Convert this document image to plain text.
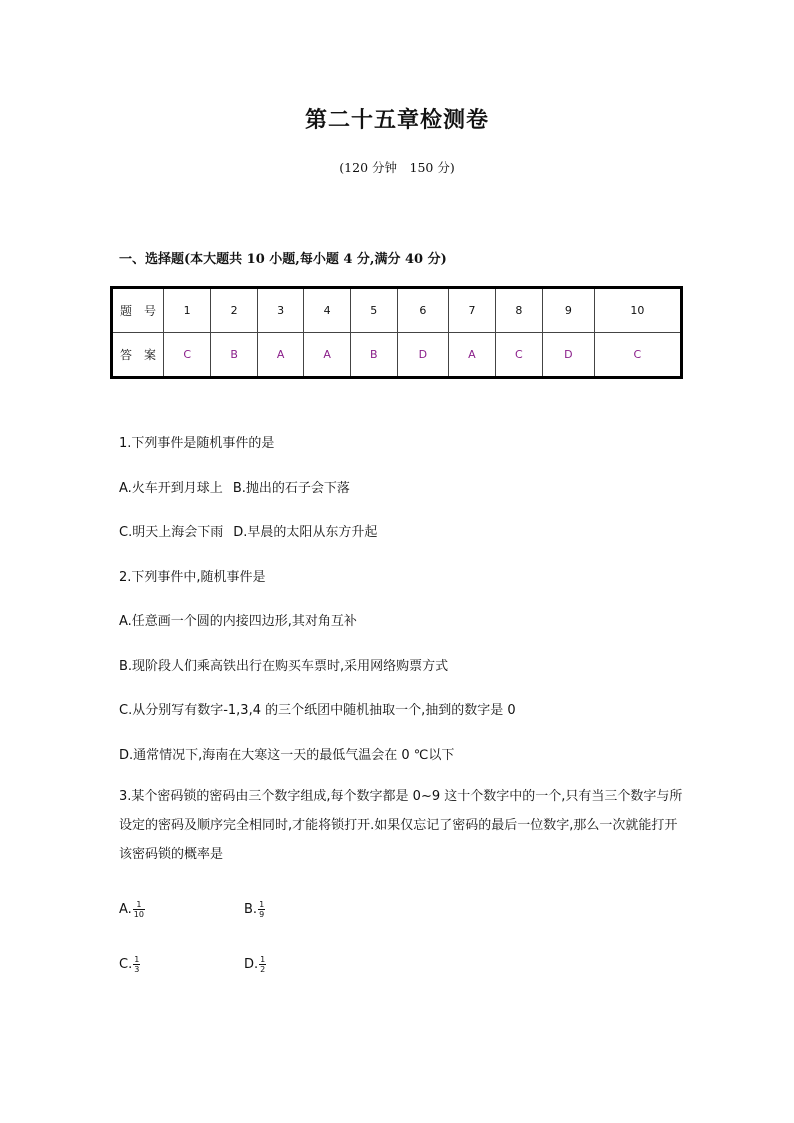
第二十五章检测卷
(120 分钟　150 分)
一、选择题(本大题共 10 小题,每小题 4 分,满分 40 分)
题　号	1	2	3	4	5	6	7	8	9	10
答　案	C	B	A	A	B	D	A	C	D	C
1.下列事件是随机事件的是
A.火车开到月球上 B.抛出的石子会下落
C.明天上海会下雨 D.早晨的太阳从东方升起
2.下列事件中,随机事件是
A.任意画一个圆的内接四边形,其对角互补
B.现阶段人们乘高铁出行在购买车票时,采用网络购票方式
C.从分别写有数字-1,3,4 的三个纸团中随机抽取一个,抽到的数字是 0
D.通常情况下,海南在大寒这一天的最低气温会在 0 ℃以下
3.某个密码锁的密码由三个数字组成,每个数字都是 0~9 这十个数字中的一个,只有当三个数字与所设定的密码及顺序完全相同时,才能将锁打开.如果仅忘记了密码的最后一位数字,那么一次就能打开该密码锁的概率是
A. $\frac{1}{10}$	B. $\frac{1}{9}$
C. $\frac{1}{3}$	D. $\frac{1}{2}$
